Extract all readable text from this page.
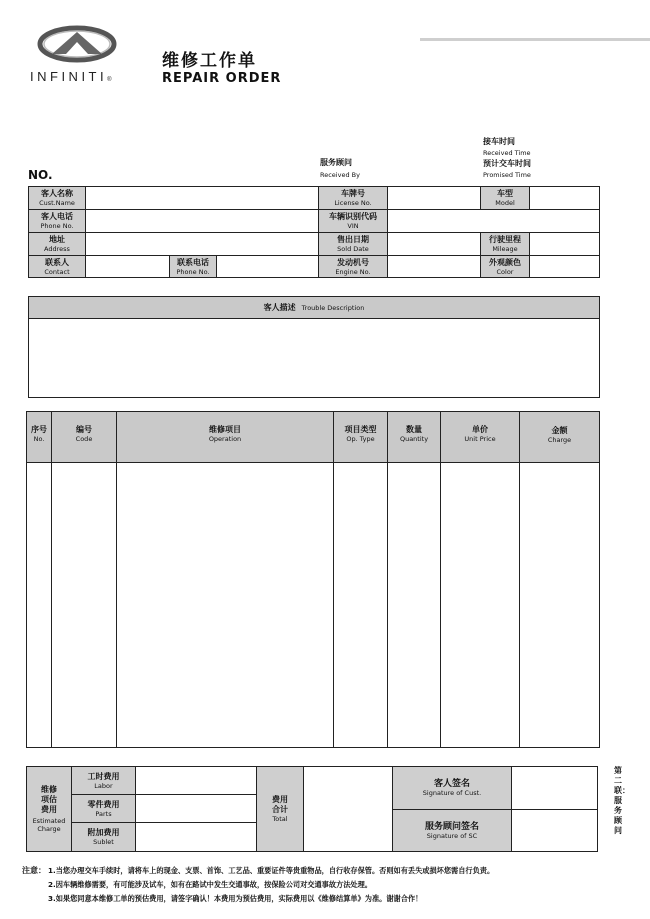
INFINITI®
维修工作单
REPAIR ORDER
NO.
服务顾问
Received By
接车时间
Received Time
预计交车时间
Promised Time
客人名称
Cust.Name
客人电话
Phone No.
地址
Address
联系人
Contact
联系电话
Phone No.
车牌号
License No.
车辆识别代码
VIN
售出日期
Sold Date
发动机号
Engine No.
车型
Model
行驶里程
Mileage
外观颜色
Color
客人描述 Trouble Description
序号
No.
编号
Code
维修项目
Operation
项目类型
Op. Type
数量
Quantity
单价
Unit Price
金额
Charge
维修
项估
费用
Estimated
Charge
工时费用
Labor
零件费用
Parts
附加费用
Sublet
费用
合计
Total
客人签名
Signature of Cust.
服务顾问签名
Signature of SC
第二联：服务顾问
注意： 1.当您办理交车手续时，请将车上的现金、支票、首饰、工艺品、重要证件等贵重物品，自行收存保管。否则如有丢失或损坏您需自行负责。
2.因车辆维修需要，有可能涉及试车，如有在路试中发生交通事故，按保险公司对交通事故方法处理。
3.如果您同意本维修工单的预估费用，请签字确认！本费用为预估费用，实际费用以《维修结算单》为准。谢谢合作！
